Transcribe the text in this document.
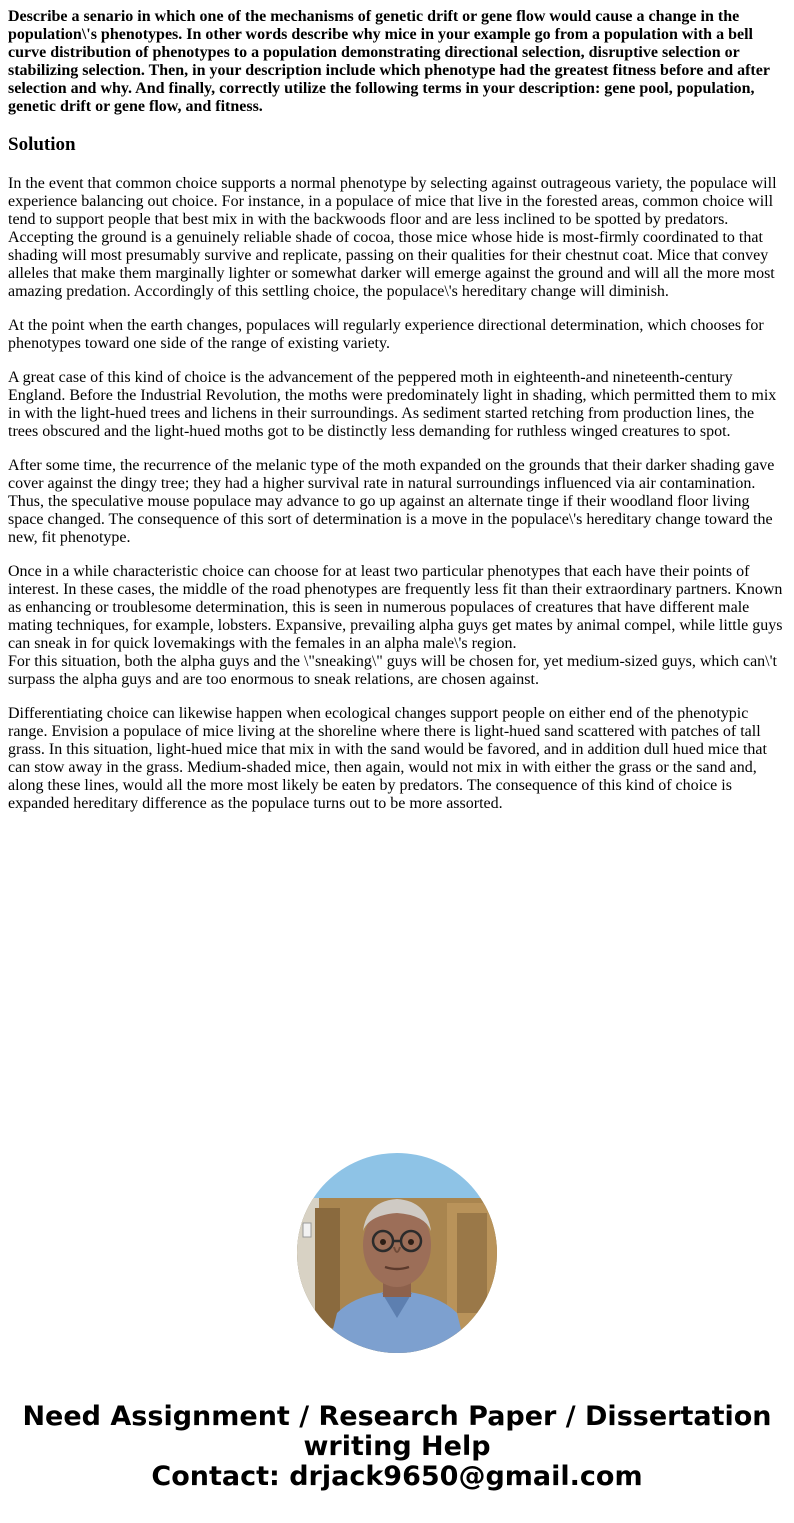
Describe a senario in which one of the mechanisms of genetic drift or gene flow would cause a change in the population\'s phenotypes. In other words describe why mice in your example go from a population with a bell curve distribution of phenotypes to a population demonstrating directional selection, disruptive selection or stabilizing selection. Then, in your description include which phenotype had the greatest fitness before and after selection and why. And finally, correctly utilize the following terms in your description: gene pool, population, genetic drift or gene flow, and fitness.

Solution

In the event that common choice supports a normal phenotype by selecting against outrageous variety, the populace will experience balancing out choice. For instance, in a populace of mice that live in the forested areas, common choice will tend to support people that best mix in with the backwoods floor and are less inclined to be spotted by predators. Accepting the ground is a genuinely reliable shade of cocoa, those mice whose hide is most-firmly coordinated to that shading will most presumably survive and replicate, passing on their qualities for their chestnut coat. Mice that convey alleles that make them marginally lighter or somewhat darker will emerge against the ground and will all the more most amazing predation. Accordingly of this settling choice, the populace\'s hereditary change will diminish.

At the point when the earth changes, populaces will regularly experience directional determination, which chooses for phenotypes toward one side of the range of existing variety.

A great case of this kind of choice is the advancement of the peppered moth in eighteenth-and nineteenth-century England. Before the Industrial Revolution, the moths were predominately light in shading, which permitted them to mix in with the light-hued trees and lichens in their surroundings. As sediment started retching from production lines, the trees obscured and the light-hued moths got to be distinctly less demanding for ruthless winged creatures to spot.

After some time, the recurrence of the melanic type of the moth expanded on the grounds that their darker shading gave cover against the dingy tree; they had a higher survival rate in natural surroundings influenced via air contamination. Thus, the speculative mouse populace may advance to go up against an alternate tinge if their woodland floor living space changed. The consequence of this sort of determination is a move in the populace\'s hereditary change toward the new, fit phenotype.

Once in a while characteristic choice can choose for at least two particular phenotypes that each have their points of interest. In these cases, the middle of the road phenotypes are frequently less fit than their extraordinary partners. Known as enhancing or troublesome determination, this is seen in numerous populaces of creatures that have different male mating techniques, for example, lobsters. Expansive, prevailing alpha guys get mates by animal compel, while little guys can sneak in for quick lovemakings with the females in an alpha male\'s region.
For this situation, both the alpha guys and the \"sneaking\" guys will be chosen for, yet medium-sized guys, which can\'t surpass the alpha guys and are too enormous to sneak relations, are chosen against.

Differentiating choice can likewise happen when ecological changes support people on either end of the phenotypic range. Envision a populace of mice living at the shoreline where there is light-hued sand scattered with patches of tall grass. In this situation, light-hued mice that mix in with the sand would be favored, and in addition dull hued mice that can stow away in the grass. Medium-shaded mice, then again, would not mix in with either the grass or the sand and, along these lines, would all the more most likely be eaten by predators. The consequence of this kind of choice is expanded hereditary difference as the populace turns out to be more assorted.

Need Assignment / Research Paper / Dissertation
writing Help
Contact: drjack9650@gmail.com
